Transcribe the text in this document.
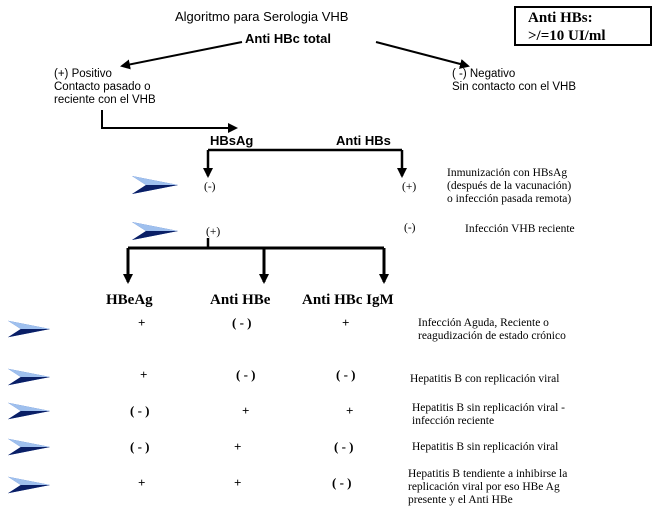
Algoritmo para Serologia VHB
Anti HBc total
Anti HBs:
>/=10 UI/ml
(+) Positivo
Contacto pasado o
reciente con el VHB
( -) Negativo
Sin contacto con el VHB
HBsAg	Anti HBs
(-)	(+)
Inmunización con HBsAg
(después de la vacunación)
o infección pasada remota)
(+)	(-)	Infección VHB reciente
HBeAg	Anti HBe Anti HBc IgM
+	( - )	+	Infección Aguda, Reciente o
reagudización de estado crónico
+	( - )	( - )	Hepatitis B con replicación viral
( - )	+	+	Hepatitis B sin replicación viral -
infección reciente
( - )	+	( - )	Hepatitis B sin replicación viral
+	+	( - )
Hepatitis B tendiente a inhibirse la
replicación viral por eso HBe Ag
presente y el Anti HBe
